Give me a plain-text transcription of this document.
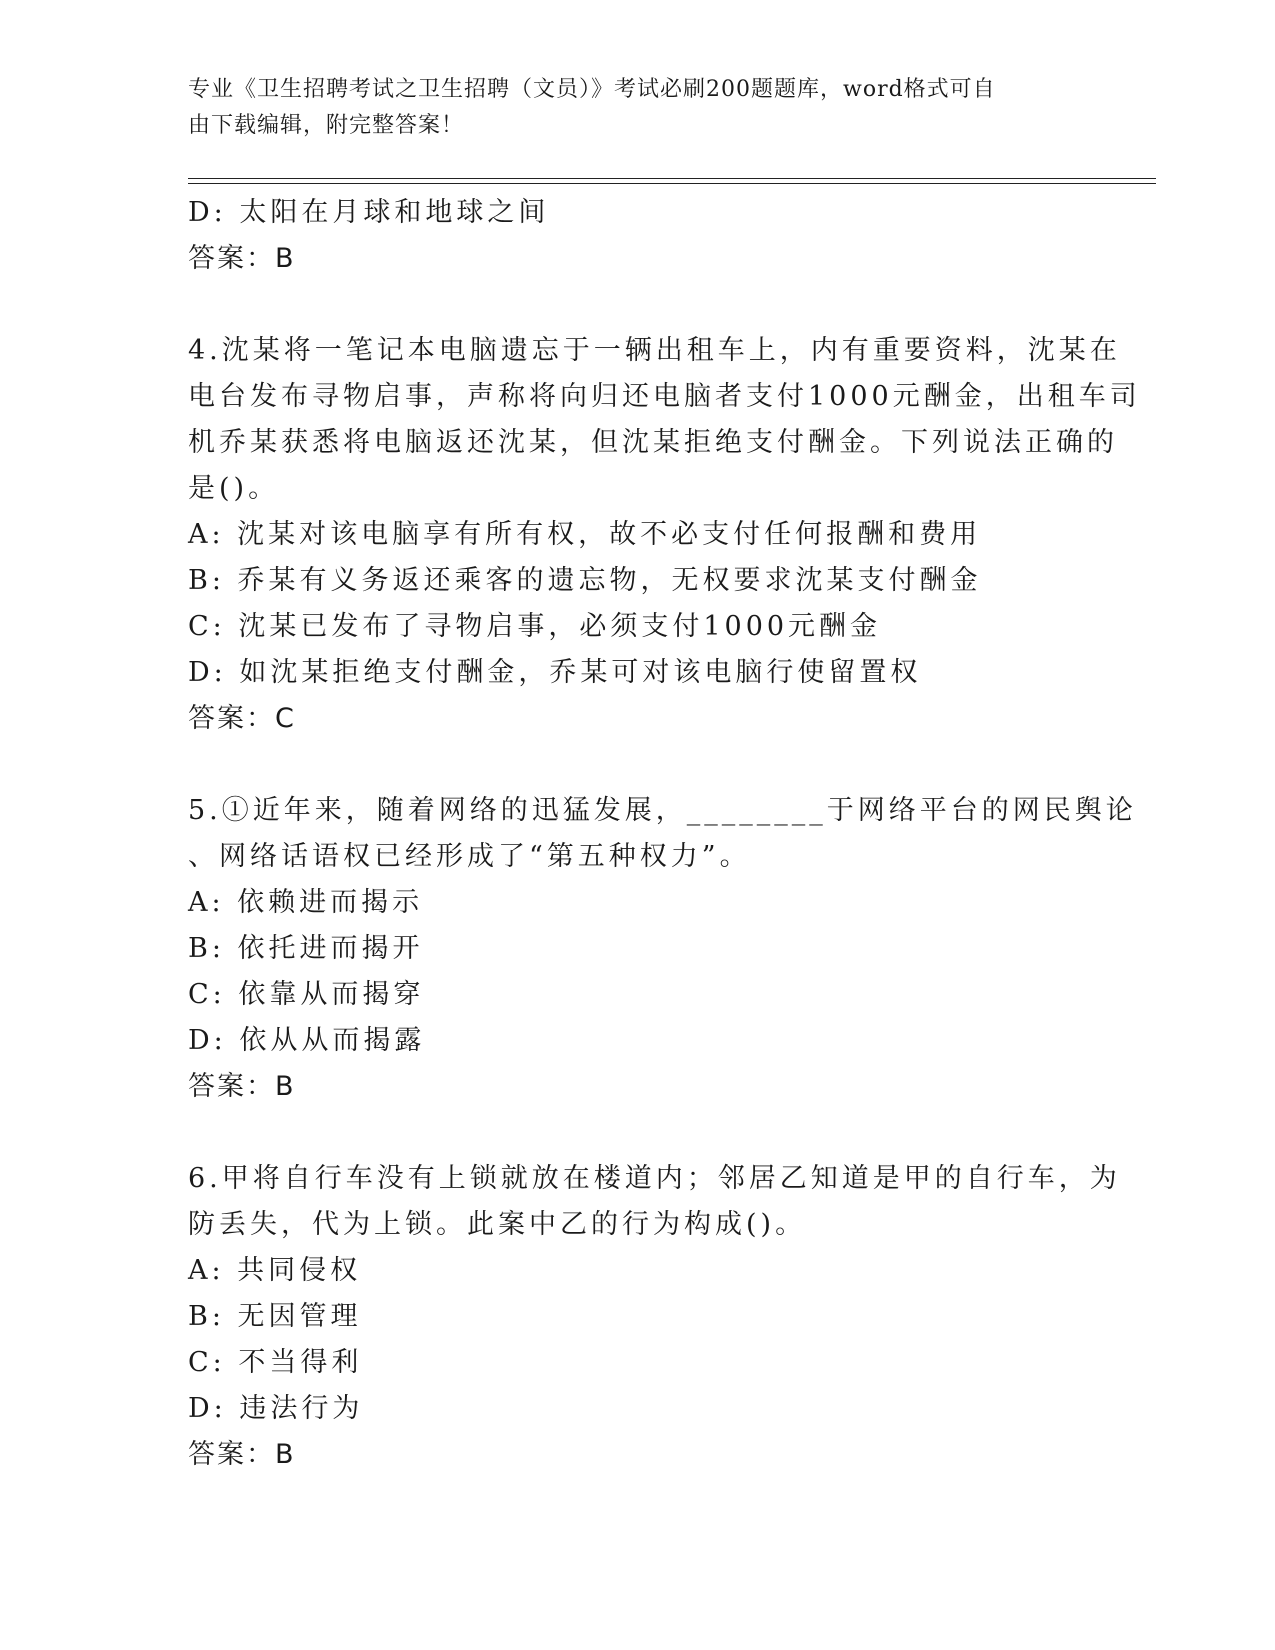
专业《卫生招聘考试之卫生招聘（文员）》考试必刷200题题库，word格式可自
由下载编辑，附完整答案！
D: 太阳在月球和地球之间
答案：B
4.沈某将一笔记本电脑遗忘于一辆出租车上，内有重要资料，沈某在
电台发布寻物启事，声称将向归还电脑者支付1000元酬金，出租车司
机乔某获悉将电脑返还沈某，但沈某拒绝支付酬金。下列说法正确的
是()。
A: 沈某对该电脑享有所有权，故不必支付任何报酬和费用
B: 乔某有义务返还乘客的遗忘物，无权要求沈某支付酬金
C: 沈某已发布了寻物启事，必须支付1000元酬金
D: 如沈某拒绝支付酬金，乔某可对该电脑行使留置权
答案：C
5.①近年来，随着网络的迅猛发展，________于网络平台的网民舆论
、网络话语权已经形成了“第五种权力”。
A: 依赖进而揭示
B: 依托进而揭开
C: 依靠从而揭穿
D: 依从从而揭露
答案：B
6.甲将自行车没有上锁就放在楼道内；邻居乙知道是甲的自行车，为
防丢失，代为上锁。此案中乙的行为构成()。
A: 共同侵权
B: 无因管理
C: 不当得利
D: 违法行为
答案：B
